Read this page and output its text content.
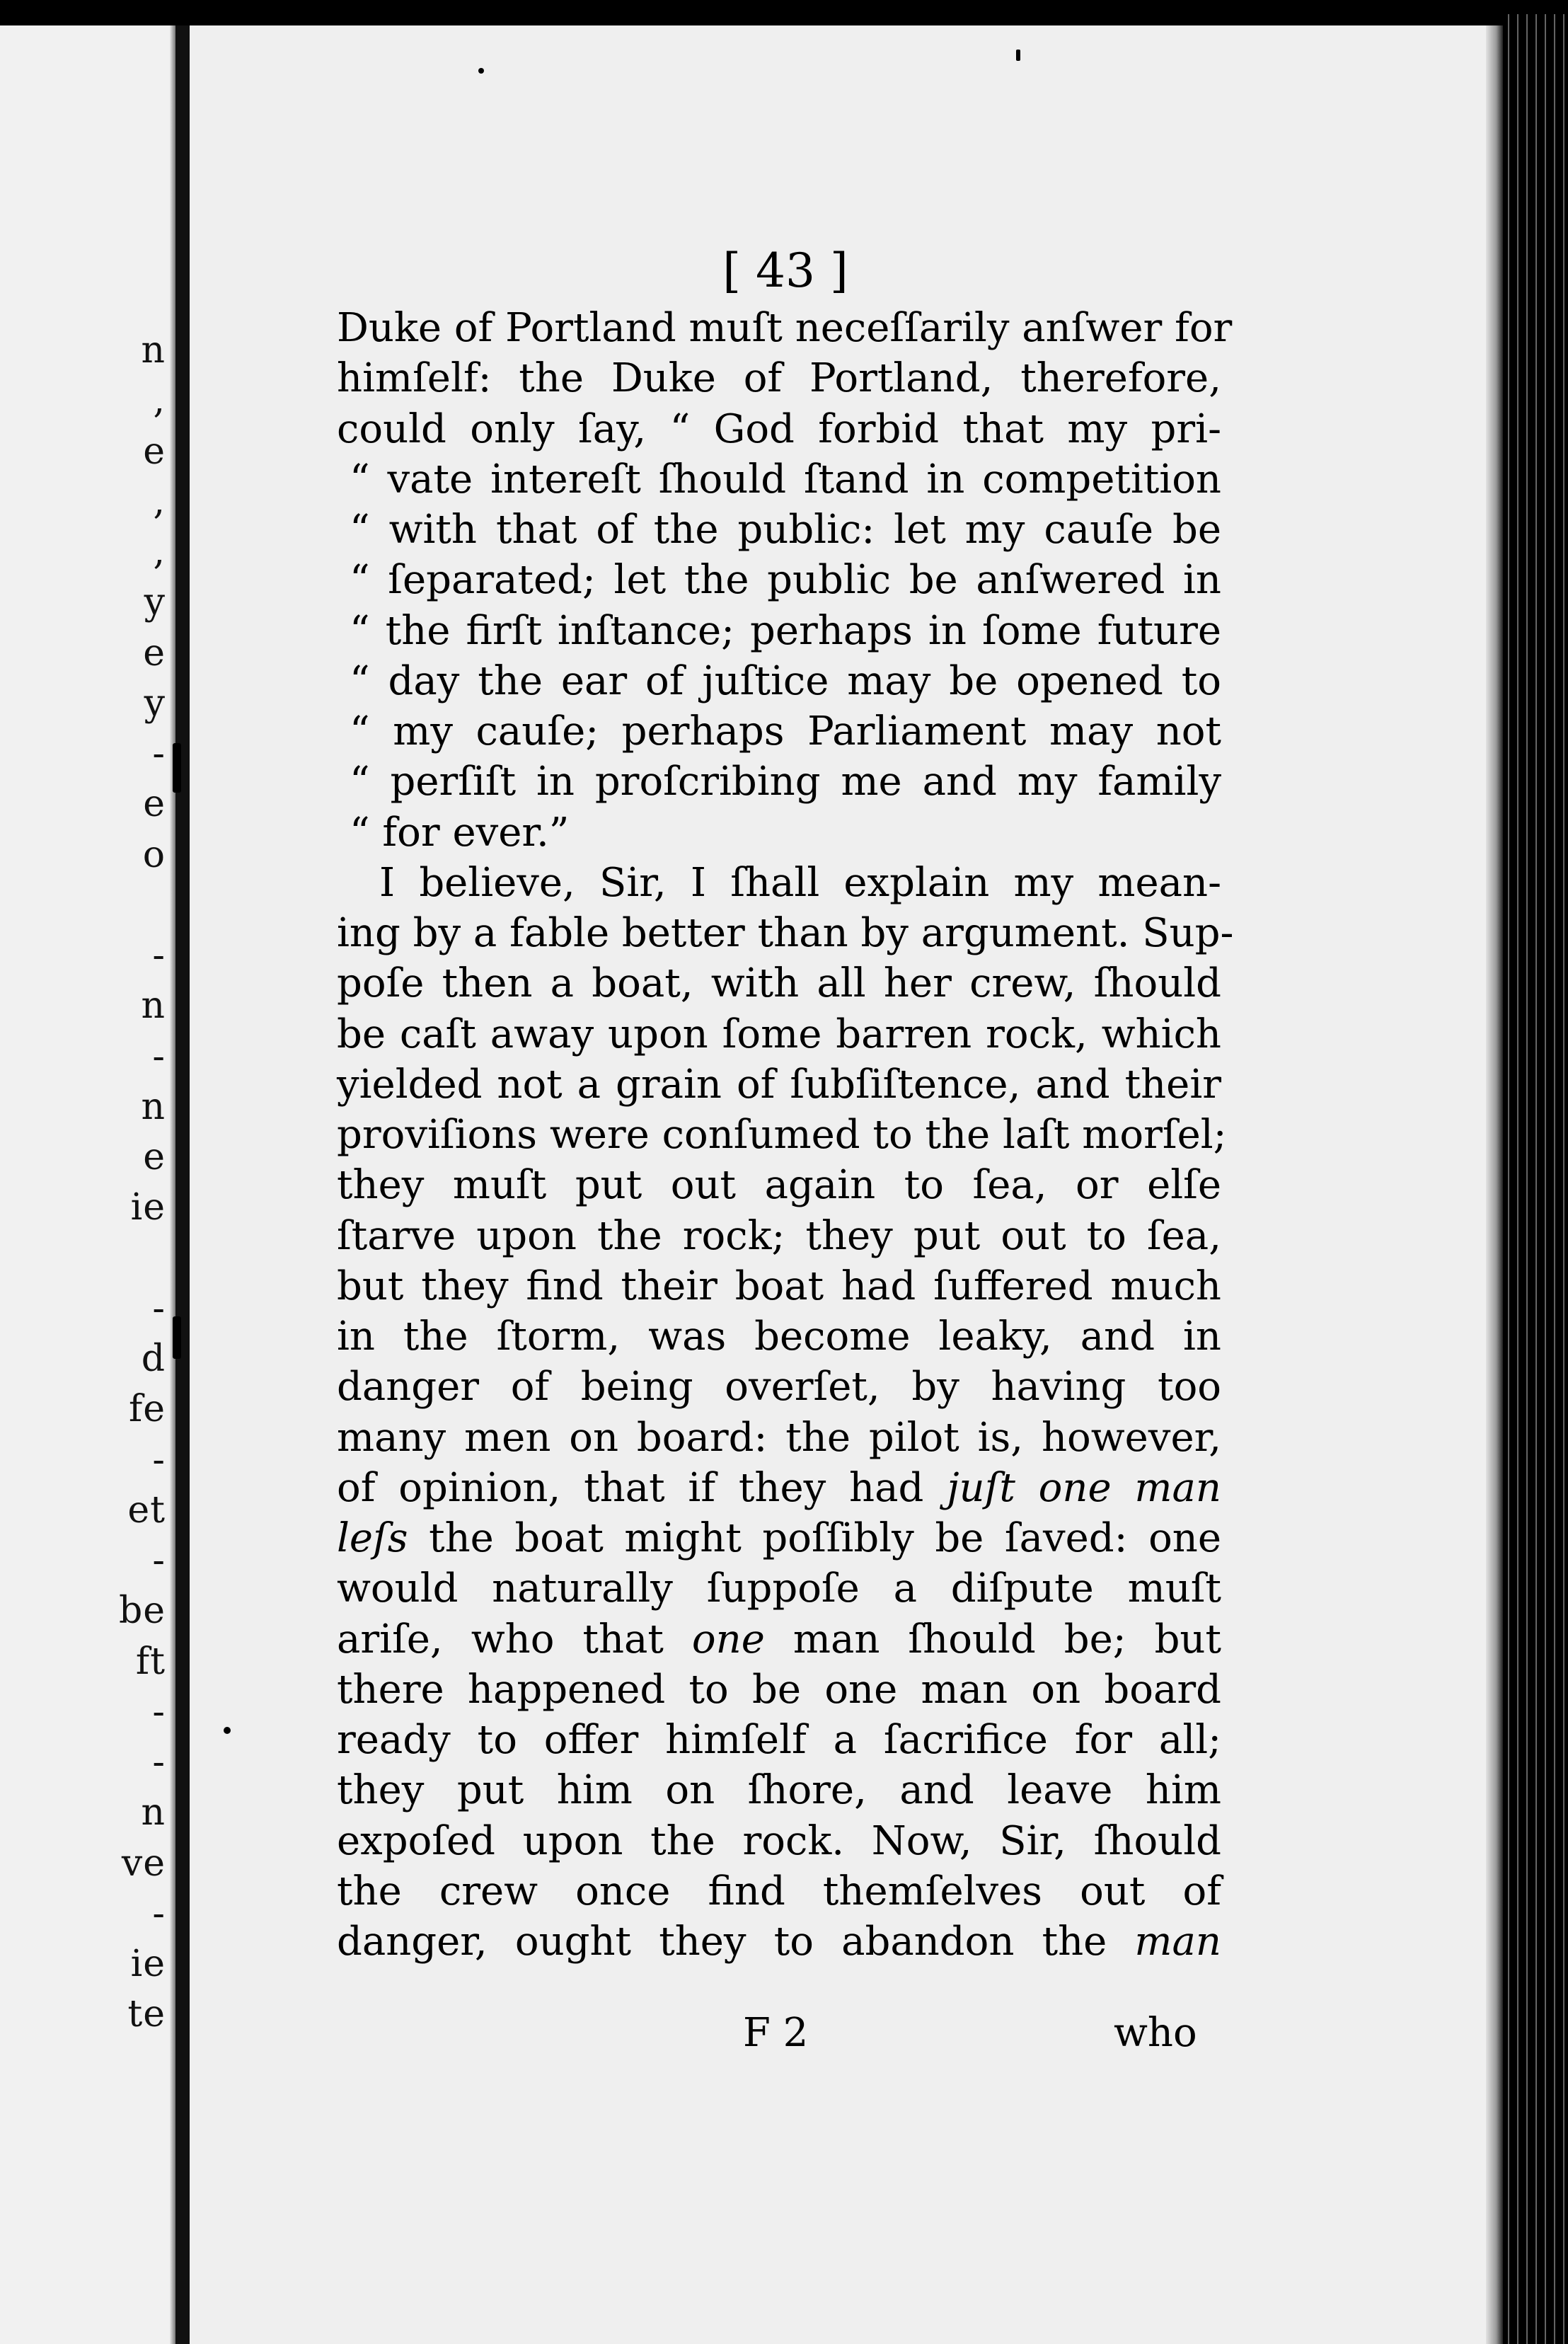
n
,
e
,
,
y
e
y
-
e
o
-
n
-
n
e
ie
-
d
fe
-
et
-
be
ft
-
-
n
ve
-
ie
te
[ 43 ]
Duke of Portland muſt neceſſarily anſwer for
himſelf: the Duke of Portland, therefore,
could only ſay, “ God forbid that my pri-
“ vate intereſt ſhould ſtand in competition
“ with that of the public: let my cauſe be
“ ſeparated; let the public be anſwered in
“ the firſt inſtance; perhaps in ſome future
“ day the ear of juſtice may be opened to
“ my cauſe; perhaps Parliament may not
“ perſiſt in proſcribing me and my family
“ for ever.”
I believe, Sir, I ſhall explain my mean-
ing by a fable better than by argument. Sup-
poſe then a boat, with all her crew, ſhould
be caſt away upon ſome barren rock, which
yielded not a grain of ſubſiſtence, and their
proviſions were conſumed to the laſt morſel;
they muſt put out again to ſea, or elſe
ſtarve upon the rock; they put out to ſea,
but they find their boat had ſuffered much
in the ſtorm, was become leaky, and in
danger of being overſet, by having too
many men on board: the pilot is, however,
of opinion, that if they had juſt one man
leſs the boat might poſſibly be ſaved: one
would naturally ſuppoſe a diſpute muſt
ariſe, who that one man ſhould be; but
there happened to be one man on board
ready to offer himſelf a ſacrifice for all;
they put him on ſhore, and leave him
expoſed upon the rock. Now, Sir, ſhould
the crew once find themſelves out of
danger, ought they to abandon the man
F 2	who
